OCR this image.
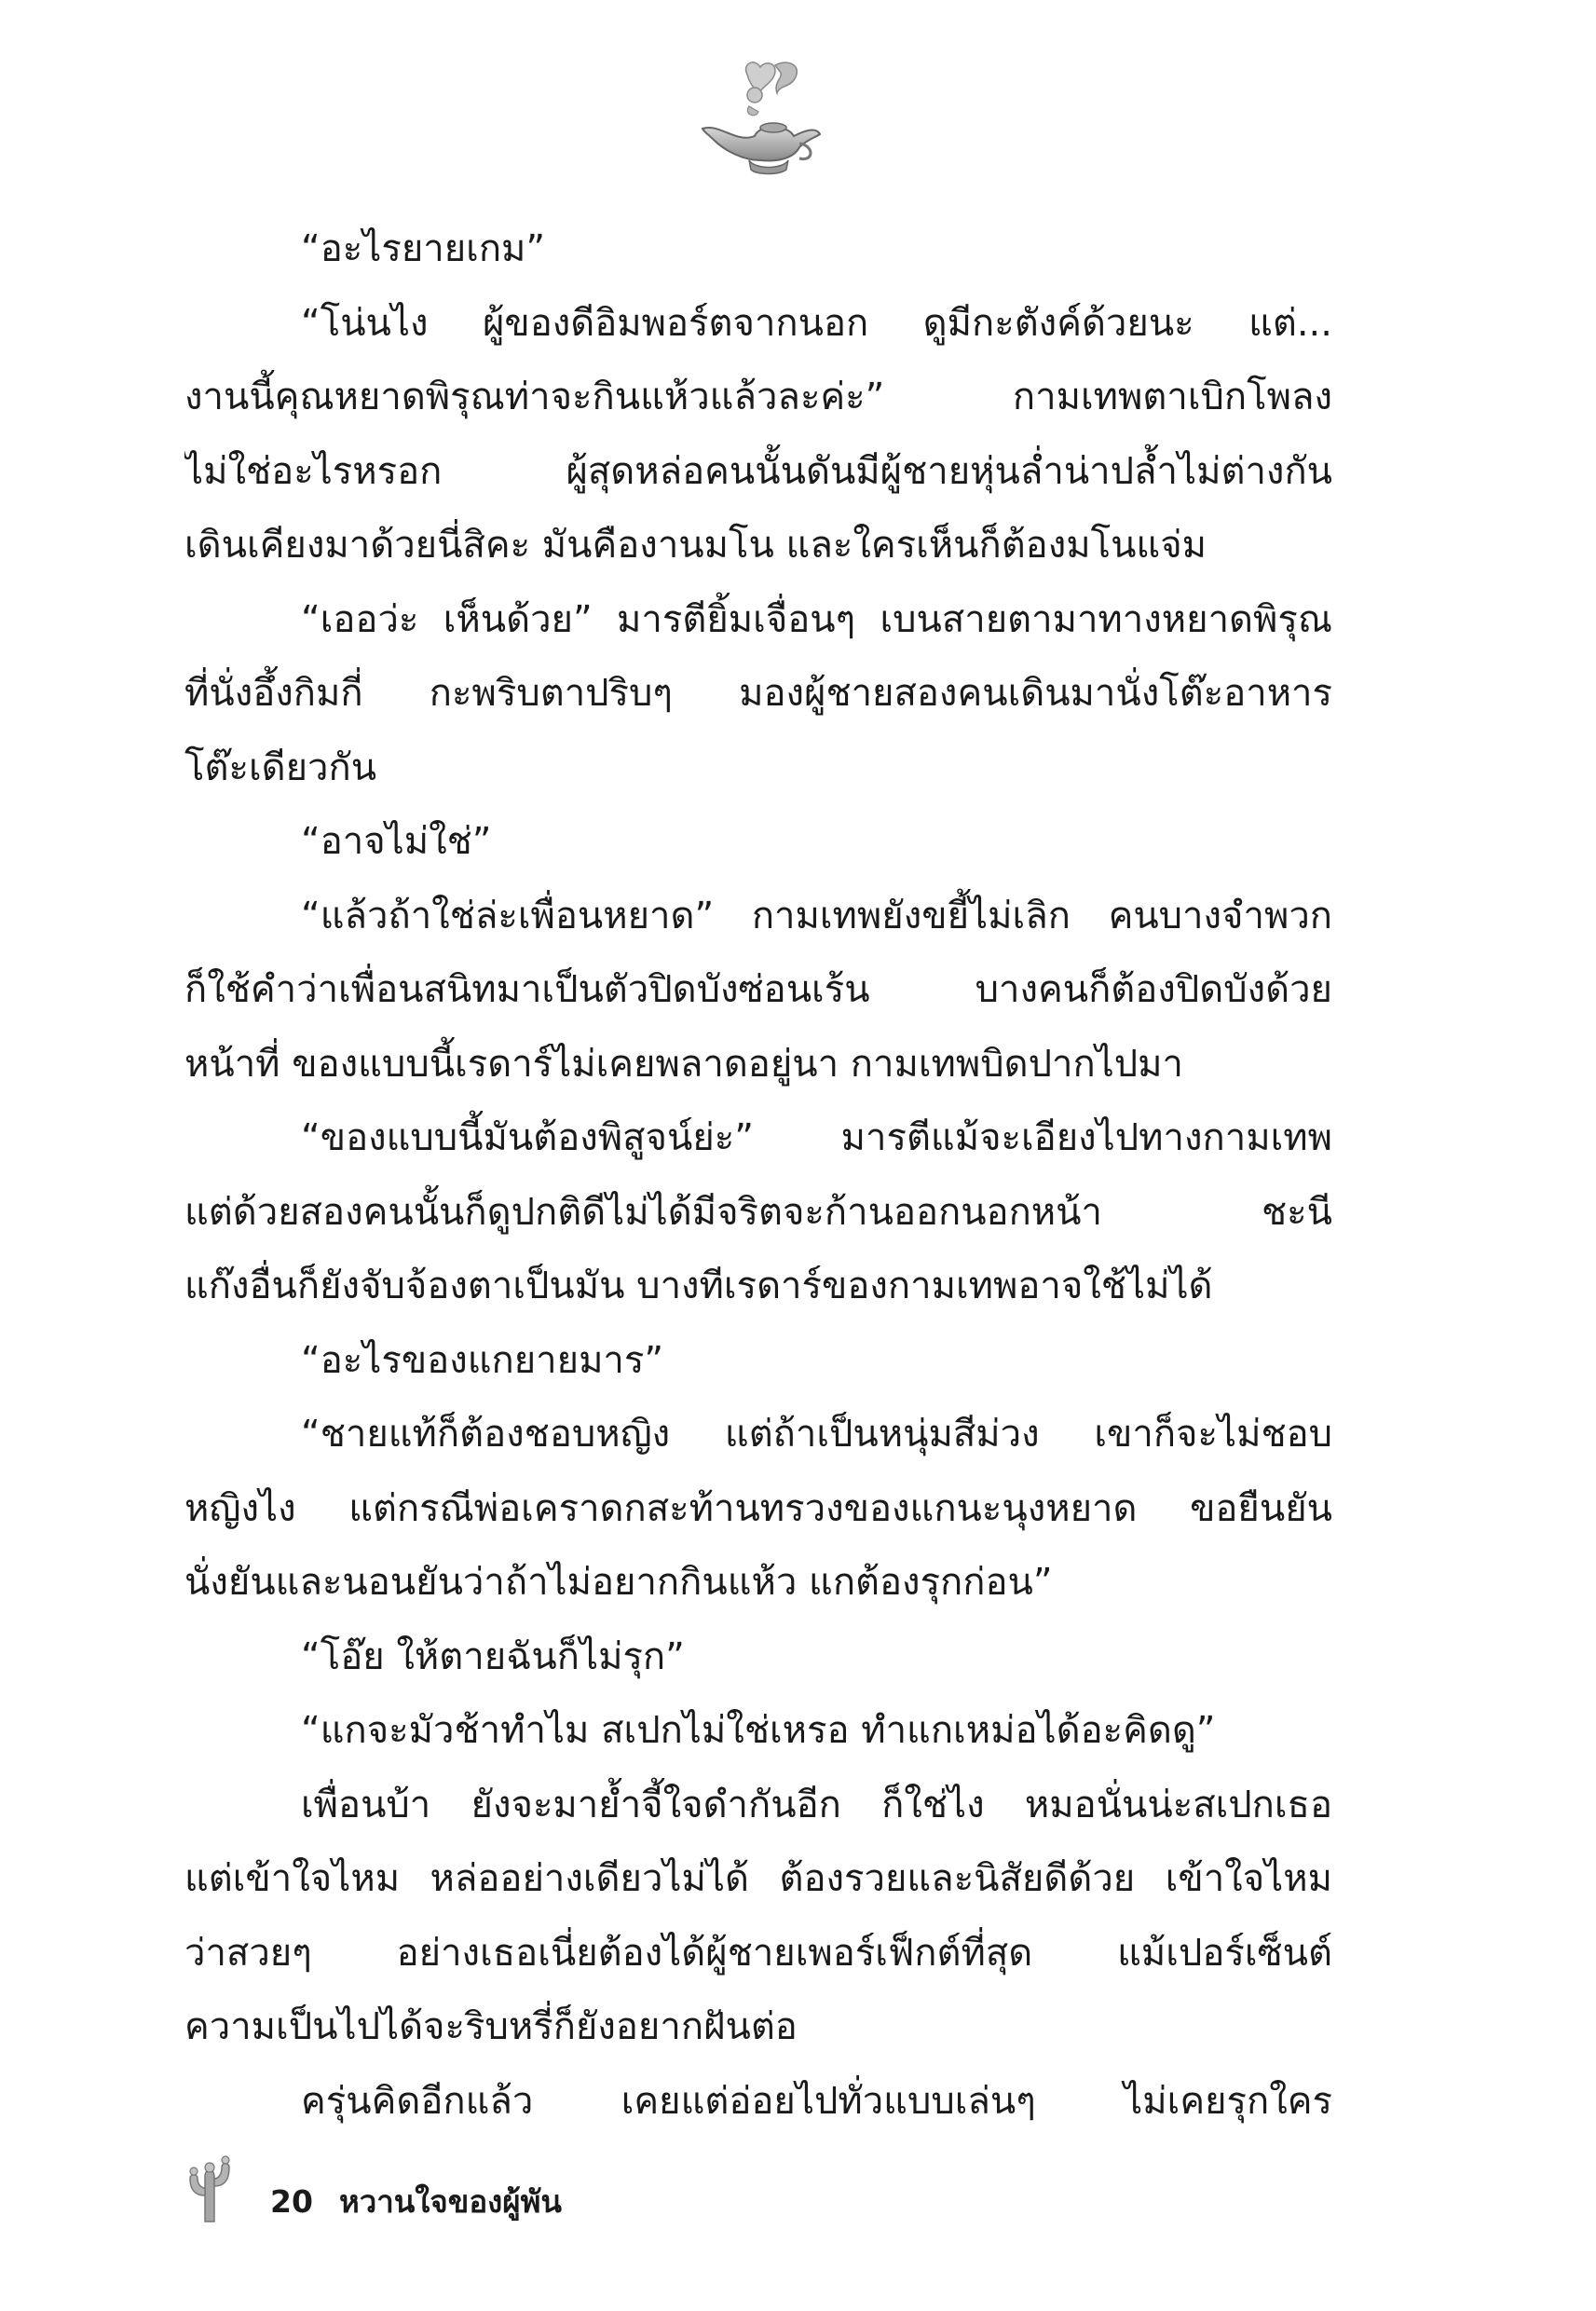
“อะไรยายเกม”

“โน่นไง ผู้ของดีอิมพอร์ตจากนอก ดูมีกะตังค์ด้วยนะ แต่...

งานนี้คุณหยาดพิรุณท่าจะกินแห้วแล้วละค่ะ” กามเทพตาเบิกโพลง

ไม่ใช่อะไรหรอก ผู้สุดหล่อคนนั้นดันมีผู้ชายหุ่นล่ำน่าปล้ำไม่ต่างกัน

เดินเคียงมาด้วยนี่สิคะ มันคืองานมโน และใครเห็นก็ต้องมโนแจ่ม

“เออว่ะ เห็นด้วย” มารตียิ้มเจื่อนๆ เบนสายตามาทางหยาดพิรุณ

ที่นั่งอึ้งกิมกี่ กะพริบตาปริบๆ มองผู้ชายสองคนเดินมานั่งโต๊ะอาหาร

โต๊ะเดียวกัน

“อาจไม่ใช่”

“แล้วถ้าใช่ล่ะเพื่อนหยาด” กามเทพยังขยี้ไม่เลิก คนบางจำพวก

ก็ใช้คำว่าเพื่อนสนิทมาเป็นตัวปิดบังซ่อนเร้น บางคนก็ต้องปิดบังด้วย

หน้าที่ ของแบบนี้เรดาร์ไม่เคยพลาดอยู่นา กามเทพบิดปากไปมา

“ของแบบนี้มันต้องพิสูจน์ย่ะ” มารตีแม้จะเอียงไปทางกามเทพ

แต่ด้วยสองคนนั้นก็ดูปกติดีไม่ได้มีจริตจะก้านออกนอกหน้า ชะนี

แก๊งอื่นก็ยังจับจ้องตาเป็นมัน บางทีเรดาร์ของกามเทพอาจใช้ไม่ได้

“อะไรของแกยายมาร”

“ชายแท้ก็ต้องชอบหญิง แต่ถ้าเป็นหนุ่มสีม่วง เขาก็จะไม่ชอบ

หญิงไง แต่กรณีพ่อเคราดกสะท้านทรวงของแกนะนุงหยาด ขอยืนยัน

นั่งยันและนอนยันว่าถ้าไม่อยากกินแห้ว แกต้องรุกก่อน”

“โอ๊ย ให้ตายฉันก็ไม่รุก”

“แกจะมัวช้าทำไม สเปกไม่ใช่เหรอ ทำแกเหม่อได้อะคิดดู”

เพื่อนบ้า ยังจะมาย้ำจี้ใจดำกันอีก ก็ใช่ไง หมอนั่นน่ะสเปกเธอ

แต่เข้าใจไหม หล่ออย่างเดียวไม่ได้ ต้องรวยและนิสัยดีด้วย เข้าใจไหม

ว่าสวยๆ อย่างเธอเนี่ยต้องได้ผู้ชายเพอร์เฟ็กต์ที่สุด แม้เปอร์เซ็นต์

ความเป็นไปได้จะริบหรี่ก็ยังอยากฝันต่อ

ครุ่นคิดอีกแล้ว เคยแต่อ่อยไปทั่วแบบเล่นๆ ไม่เคยรุกใคร

20 หวานใจของผู้พัน
